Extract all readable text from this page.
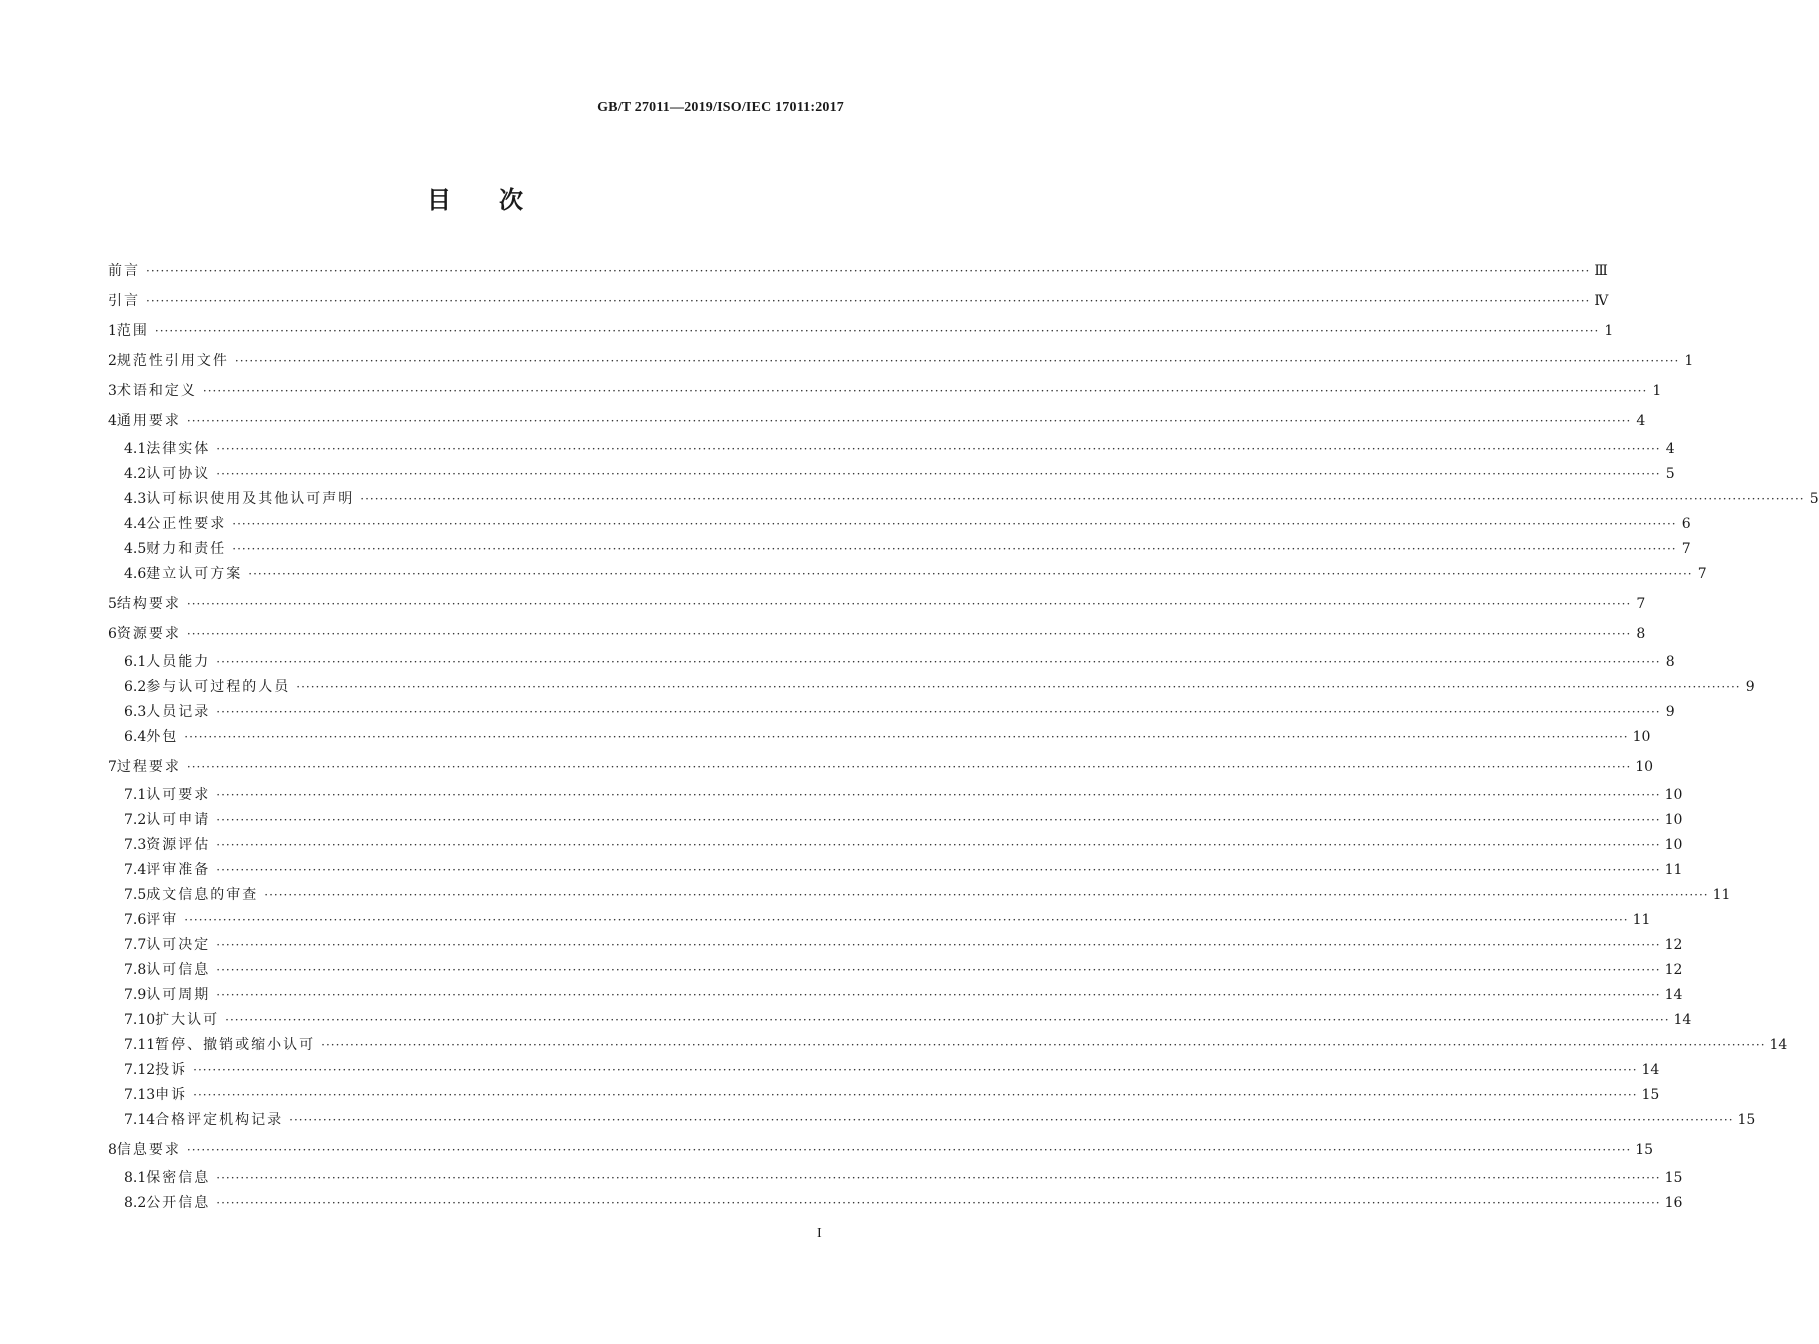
GB/T 27011—2019/ISO/IEC 17011:2017
目　　次
前言 ············································································································································································································································································································ Ⅲ
引言 ············································································································································································································································································································ Ⅳ
1 范围 ············································································································································································································································································································ 1
2 规范性引用文件 ············································································································································································································································································································ 1
3 术语和定义 ············································································································································································································································································································ 1
4 通用要求 ············································································································································································································································································································ 4
4.1 法律实体 ············································································································································································································································································································ 4
4.2 认可协议 ············································································································································································································································································································ 5
4.3 认可标识使用及其他认可声明 ············································································································································································································································································································ 5
4.4 公正性要求 ············································································································································································································································································································ 6
4.5 财力和责任 ············································································································································································································································································································ 7
4.6 建立认可方案 ············································································································································································································································································································ 7
5 结构要求 ············································································································································································································································································································ 7
6 资源要求 ············································································································································································································································································································ 8
6.1 人员能力 ············································································································································································································································································································ 8
6.2 参与认可过程的人员 ············································································································································································································································································································ 9
6.3 人员记录 ············································································································································································································································································································ 9
6.4 外包 ············································································································································································································································································································ 10
7 过程要求 ············································································································································································································································································································ 10
7.1 认可要求 ············································································································································································································································································································ 10
7.2 认可申请 ············································································································································································································································································································ 10
7.3 资源评估 ············································································································································································································································································································ 10
7.4 评审准备 ············································································································································································································································································································ 11
7.5 成文信息的审查 ············································································································································································································································································································ 11
7.6 评审 ············································································································································································································································································································ 11
7.7 认可决定 ············································································································································································································································································································ 12
7.8 认可信息 ············································································································································································································································································································ 12
7.9 认可周期 ············································································································································································································································································································ 14
7.10 扩大认可 ············································································································································································································································································································ 14
7.11 暂停、撤销或缩小认可 ············································································································································································································································································································ 14
7.12 投诉 ············································································································································································································································································································ 14
7.13 申诉 ············································································································································································································································································································ 15
7.14 合格评定机构记录 ············································································································································································································································································································ 15
8 信息要求 ············································································································································································································································································································ 15
8.1 保密信息 ············································································································································································································································································································ 15
8.2 公开信息 ············································································································································································································································································································ 16
I
